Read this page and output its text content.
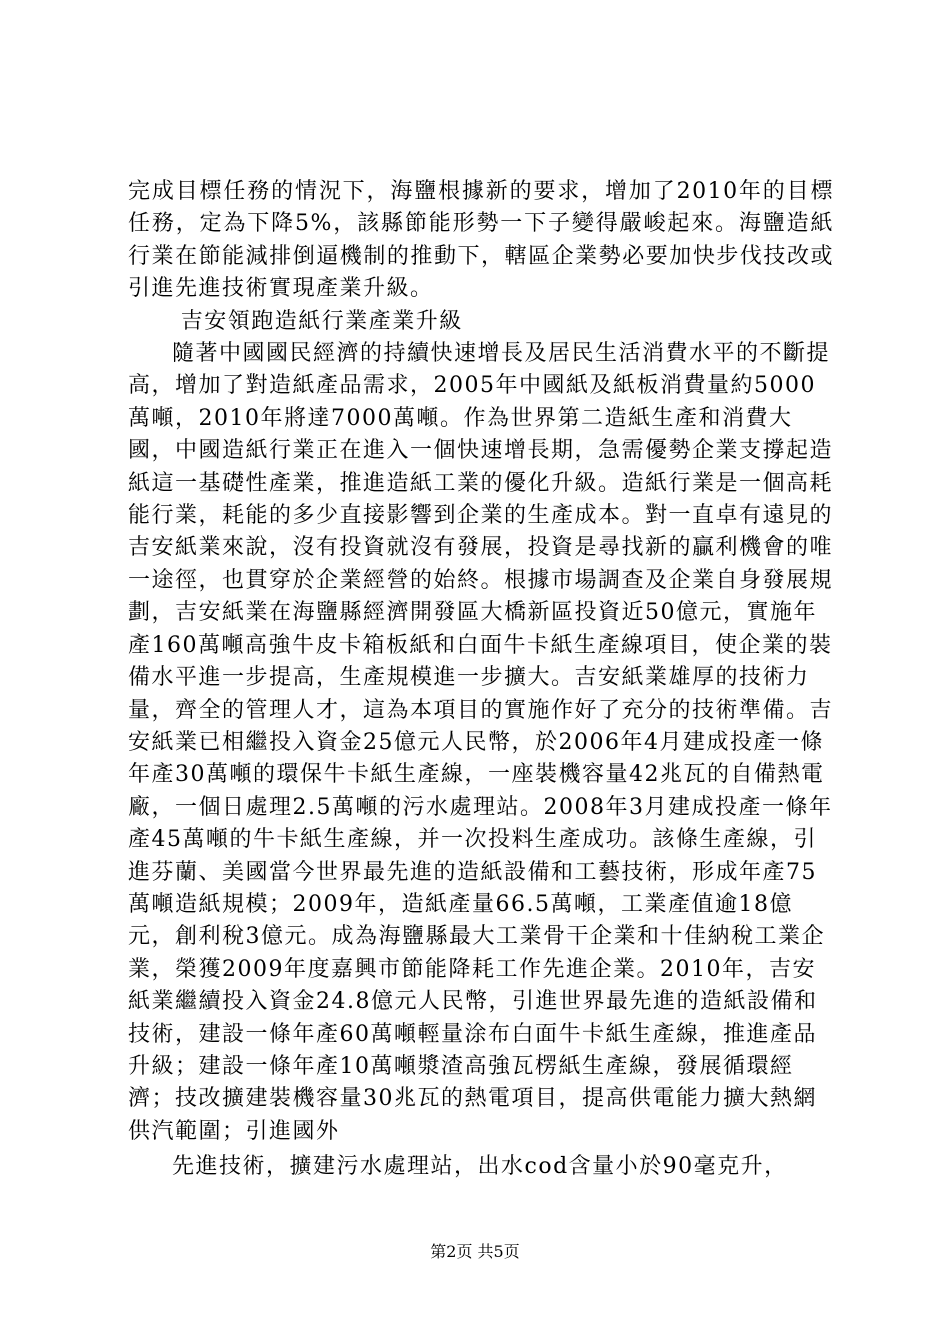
完成目標任務的情況下，海鹽根據新的要求，增加了2010年的目標任務，定為下降5%，該縣節能形勢一下子變得嚴峻起來。海鹽造紙行業在節能減排倒逼機制的推動下，轄區企業勢必要加快步伐技改或引進先進技術實現產業升級。

吉安領跑造紙行業產業升級

隨著中國國民經濟的持續快速增長及居民生活消費水平的不斷提高，增加了對造紙產品需求，2005年中國紙及紙板消費量約5000萬噸，2010年將達7000萬噸。作為世界第二造紙生產和消費大國，中國造紙行業正在進入一個快速增長期，急需優勢企業支撐起造紙這一基礎性產業，推進造紙工業的優化升級。造紙行業是一個高耗能行業，耗能的多少直接影響到企業的生產成本。對一直卓有遠見的吉安紙業來說，沒有投資就沒有發展，投資是尋找新的贏利機會的唯一途徑，也貫穿於企業經營的始終。根據市場調查及企業自身發展規劃，吉安紙業在海鹽縣經濟開發區大橋新區投資近50億元，實施年產160萬噸高強牛皮卡箱板紙和白面牛卡紙生產線項目，使企業的裝備水平進一步提高，生產規模進一步擴大。吉安紙業雄厚的技術力量，齊全的管理人才，這為本項目的實施作好了充分的技術準備。吉安紙業已相繼投入資金25億元人民幣，於2006年4月建成投產一條年產30萬噸的環保牛卡紙生產線，一座裝機容量42兆瓦的自備熱電廠，一個日處理2.5萬噸的污水處理站。2008年3月建成投產一條年產45萬噸的牛卡紙生產線，并一次投料生產成功。該條生產線，引進芬蘭、美國當今世界最先進的造紙設備和工藝技術，形成年產75萬噸造紙規模；2009年，造紙產量66.5萬噸，工業產值逾18億元，創利稅3億元。成為海鹽縣最大工業骨干企業和十佳納稅工業企業，榮獲2009年度嘉興市節能降耗工作先進企業。2010年，吉安紙業繼續投入資金24.8億元人民幣，引進世界最先進的造紙設備和技術，建設一條年產60萬噸輕量涂布白面牛卡紙生產線，推進產品升級；建設一條年產10萬噸漿渣高強瓦楞紙生產線，發展循環經濟；技改擴建裝機容量30兆瓦的熱電項目，提高供電能力擴大熱網供汽範圍；引進國外

先進技術，擴建污水處理站，出水cod含量小於90毫克升，

第2页 共5页
